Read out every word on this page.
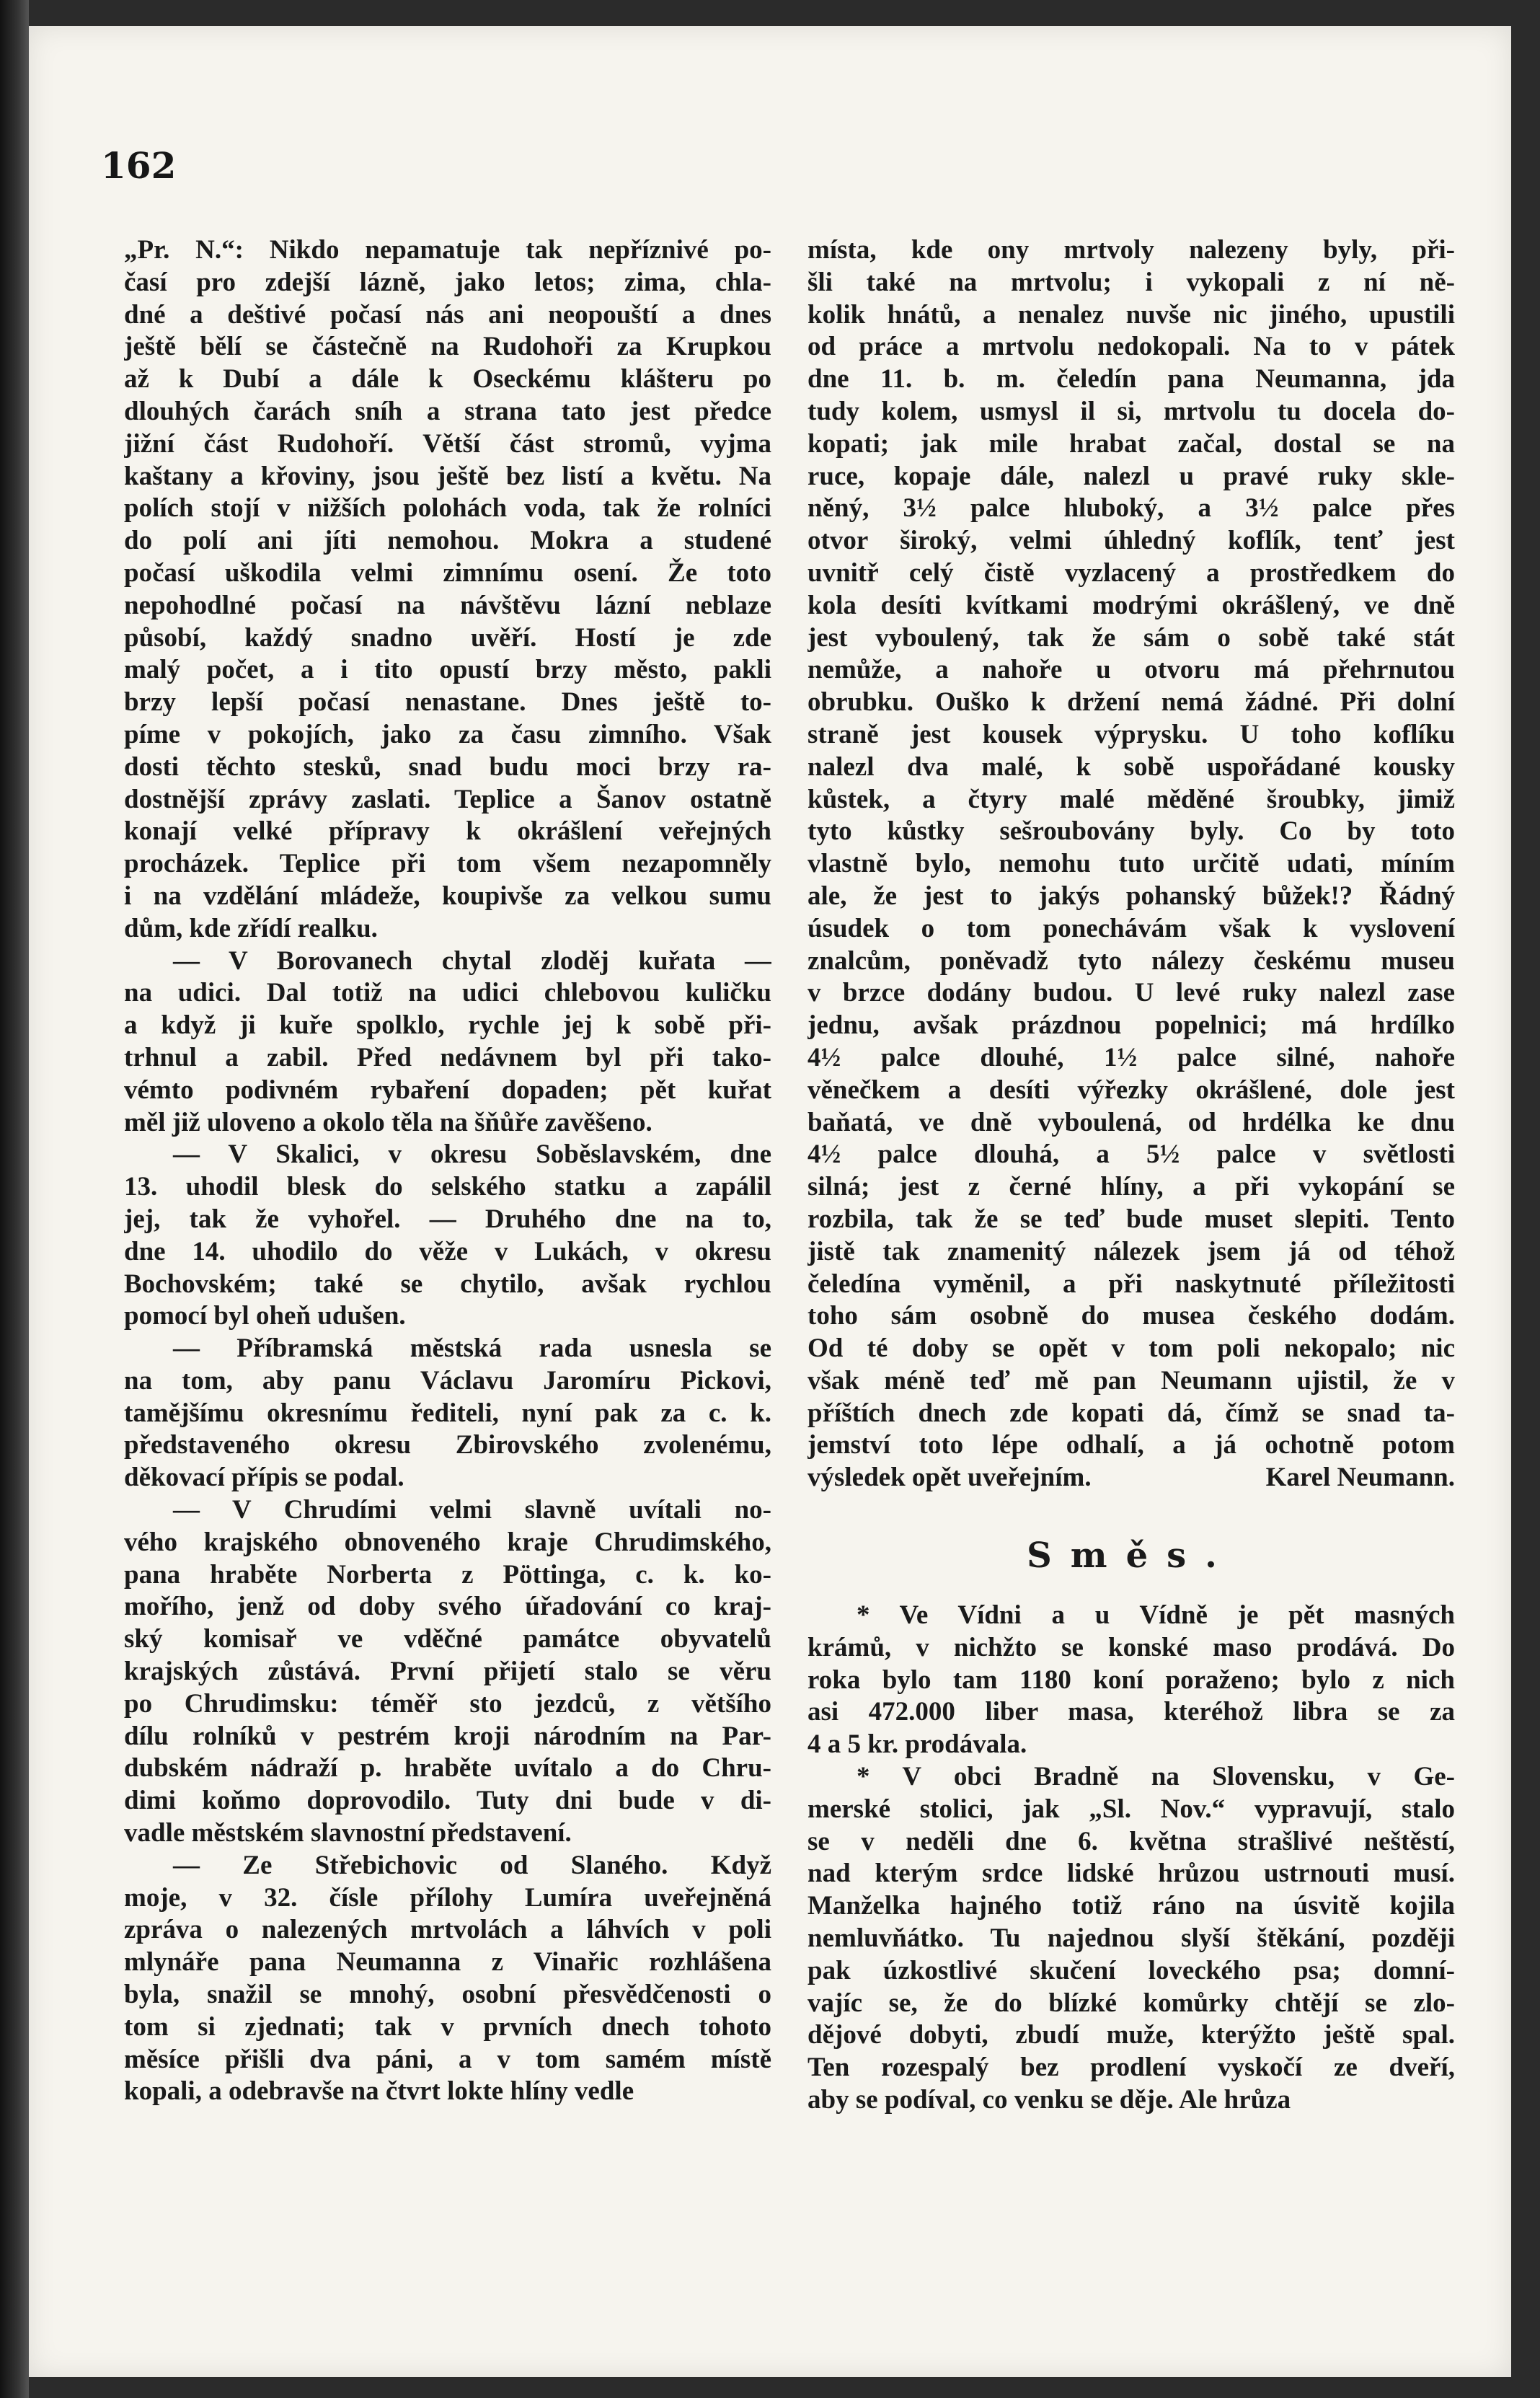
162
„Pr. N.“: Nikdo nepamatuje tak nepříznivé po-
časí pro zdejší lázně, jako letos; zima, chla-
dné a deštivé počasí nás ani neopouští a dnes
ještě bělí se částečně na Rudohoři za Krupkou
až k Dubí a dále k Oseckému klášteru po
dlouhých čarách sníh a strana tato jest předce
jižní část Rudohoří. Větší část stromů, vyjma
kaštany a křoviny, jsou ještě bez listí a květu. Na
polích stojí v nižších polohách voda, tak že rolníci
do polí ani jíti nemohou. Mokra a studené
počasí uškodila velmi zimnímu osení. Že toto
nepohodlné počasí na návštěvu lázní neblaze
působí, každý snadno uvěří. Hostí je zde
malý počet, a i tito opustí brzy město, pakli
brzy lepší počasí nenastane. Dnes ještě to-
píme v pokojích, jako za času zimního. Však
dosti těchto stesků, snad budu moci brzy ra-
dostnější zprávy zaslati. Teplice a Šanov ostatně
konají velké přípravy k okrášlení veřejných
procházek. Teplice při tom všem nezapomněly
i na vzdělání mládeže, koupivše za velkou sumu
dům, kde zřídí realku.
— V Borovanech chytal zloděj kuřata —
na udici. Dal totiž na udici chlebovou kuličku
a když ji kuře spolklo, rychle jej k sobě při-
trhnul a zabil. Před nedávnem byl při tako-
vémto podivném rybaření dopaden; pět kuřat
měl již uloveno a okolo těla na šňůře zavěšeno.
— V Skalici, v okresu Soběslavském, dne
13. uhodil blesk do selského statku a zapálil
jej, tak že vyhořel. — Druhého dne na to,
dne 14. uhodilo do věže v Lukách, v okresu
Bochovském; také se chytilo, avšak rychlou
pomocí byl oheň udušen.
— Příbramská městská rada usnesla se
na tom, aby panu Václavu Jaromíru Pickovi,
tamějšímu okresnímu řediteli, nyní pak za c. k.
představeného okresu Zbirovského zvolenému,
děkovací přípis se podal.
— V Chrudími velmi slavně uvítali no-
vého krajského obnoveného kraje Chrudimského,
pana hraběte Norberta z Pöttinga, c. k. ko-
mořího, jenž od doby svého úřadování co kraj-
ský komisař ve vděčné památce obyvatelů
krajských zůstává. První přijetí stalo se věru
po Chrudimsku: téměř sto jezdců, z většího
dílu rolníků v pestrém kroji národním na Par-
dubském nádraží p. hraběte uvítalo a do Chru-
dimi koňmo doprovodilo. Tuty dni bude v di-
vadle městském slavnostní představení.
— Ze Střebichovic od Slaného. Když
moje, v 32. čísle přílohy Lumíra uveřejněná
zpráva o nalezených mrtvolách a láhvích v poli
mlynáře pana Neumanna z Vinařic rozhlášena
byla, snažil se mnohý, osobní přesvědčenosti o
tom si zjednati; tak v prvních dnech tohoto
měsíce přišli dva páni, a v tom samém místě
kopali, a odebravše na čtvrt lokte hlíny vedle
místa, kde ony mrtvoly nalezeny byly, při-
šli také na mrtvolu; i vykopali z ní ně-
kolik hnátů, a nenalez nuvše nic jiného, upustili
od práce a mrtvolu nedokopali. Na to v pátek
dne 11. b. m. čeledín pana Neumanna, jda
tudy kolem, usmysl il si, mrtvolu tu docela do-
kopati; jak mile hrabat začal, dostal se na
ruce, kopaje dále, nalezl u pravé ruky skle-
něný, 3½ palce hluboký, a 3½ palce přes
otvor široký, velmi úhledný koflík, tenť jest
uvnitř celý čistě vyzlacený a prostředkem do
kola desíti kvítkami modrými okrášlený, ve dně
jest vyboulený, tak že sám o sobě také stát
nemůže, a nahoře u otvoru má přehrnutou
obrubku. Ouško k držení nemá žádné. Při dolní
straně jest kousek výprysku. U toho koflíku
nalezl dva malé, k sobě uspořádané kousky
kůstek, a čtyry malé měděné šroubky, jimiž
tyto kůstky sešroubovány byly. Co by toto
vlastně bylo, nemohu tuto určitě udati, míním
ale, že jest to jakýs pohanský bůžek!? Řádný
úsudek o tom ponechávám však k vyslovení
znalcům, poněvadž tyto nálezy českému museu
v brzce dodány budou. U levé ruky nalezl zase
jednu, avšak prázdnou popelnici; má hrdílko
4½ palce dlouhé, 1½ palce silné, nahoře
věnečkem a desíti výřezky okrášlené, dole jest
baňatá, ve dně vyboulená, od hrdélka ke dnu
4½ palce dlouhá, a 5½ palce v světlosti
silná; jest z černé hlíny, a při vykopání se
rozbila, tak že se teď bude muset slepiti. Tento
jistě tak znamenitý nálezek jsem já od téhož
čeledína vyměnil, a při naskytnuté příležitosti
toho sám osobně do musea českého dodám.
Od té doby se opět v tom poli nekopalo; nic
však méně teď mě pan Neumann ujistil, že v
příštích dnech zde kopati dá, čímž se snad ta-
jemství toto lépe odhalí, a já ochotně potom
výsledek opět uveřejním.	Karel Neumann.
Směs.
* Ve Vídni a u Vídně je pět masných
krámů, v nichžto se konské maso prodává. Do
roka bylo tam 1180 koní poraženo; bylo z nich
asi 472.000 liber masa, kteréhož libra se za
4 a 5 kr. prodávala.
* V obci Bradně na Slovensku, v Ge-
merské stolici, jak „Sl. Nov.“ vypravují, stalo
se v neděli dne 6. května strašlivé neštěstí,
nad kterým srdce lidské hrůzou ustrnouti musí.
Manželka hajného totiž ráno na úsvitě kojila
nemluvňátko. Tu najednou slyší štěkání, později
pak úzkostlivé skučení loveckého psa; domní-
vajíc se, že do blízké komůrky chtějí se zlo-
dějové dobyti, zbudí muže, kterýžto ještě spal.
Ten rozespalý bez prodlení vyskočí ze dveří,
aby se podíval, co venku se děje. Ale hrůza
